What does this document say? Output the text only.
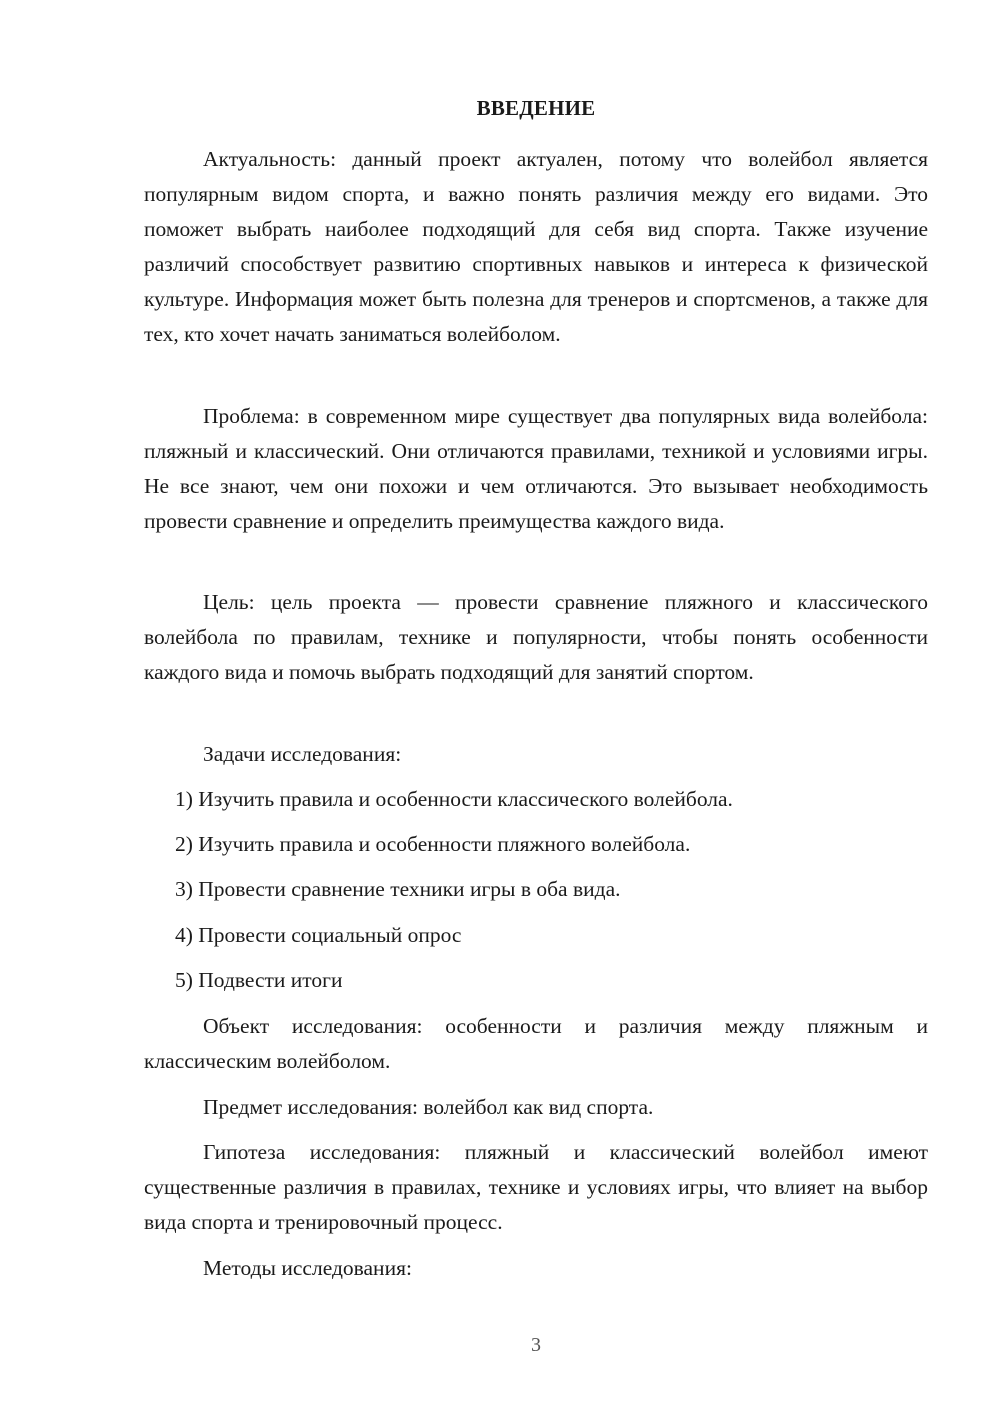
ВВЕДЕНИЕ

Актуальность: данный проект актуален, потому что волейбол является популярным видом спорта, и важно понять различия между его видами. Это поможет выбрать наиболее подходящий для себя вид спорта. Также изучение различий способствует развитию спортивных навыков и интереса к физической культуре. Информация может быть полезна для тренеров и спортсменов, а также для тех, кто хочет начать заниматься волейболом.

Проблема: в современном мире существует два популярных вида волейбола: пляжный и классический. Они отличаются правилами, техникой и условиями игры. Не все знают, чем они похожи и чем отличаются. Это вызывает необходимость провести сравнение и определить преимущества каждого вида.

Цель: цель проекта — провести сравнение пляжного и классического волейбола по правилам, технике и популярности, чтобы понять особенности каждого вида и помочь выбрать подходящий для занятий спортом.

Задачи исследования:
1) Изучить правила и особенности классического волейбола.
2) Изучить правила и особенности пляжного волейбола.
3) Провести сравнение техники игры в оба вида.
4) Провести социальный опрос
5) Подвести итоги

Объект исследования: особенности и различия между пляжным и классическим волейболом.

Предмет исследования: волейбол как вид спорта.

Гипотеза исследования: пляжный и классический волейбол имеют существенные различия в правилах, технике и условиях игры, что влияет на выбор вида спорта и тренировочный процесс.

Методы исследования:
3
